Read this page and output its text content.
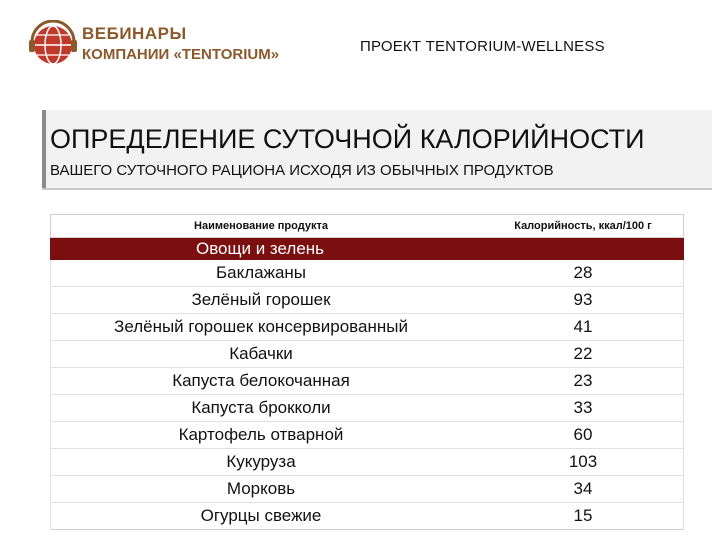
ВЕБИНАРЫ
КОМПАНИИ «TENTORIUM»	ПРОЕКТ TENTORIUM-WELLNESS
ОПРЕДЕЛЕНИЕ СУТОЧНОЙ КАЛОРИЙНОСТИ
ВАШЕГО СУТОЧНОГО РАЦИОНА ИСХОДЯ ИЗ ОБЫЧНЫХ ПРОДУКТОВ
Наименование продукта	Калорийность, ккал/100 г
Овощи и зелень
Баклажаны	28
Зелёный горошек	93
Зелёный горошек консервированный	41
Кабачки	22
Капуста белокочанная	23
Капуста брокколи	33
Картофель отварной	60
Кукуруза	103
Морковь	34
Огурцы свежие	15
